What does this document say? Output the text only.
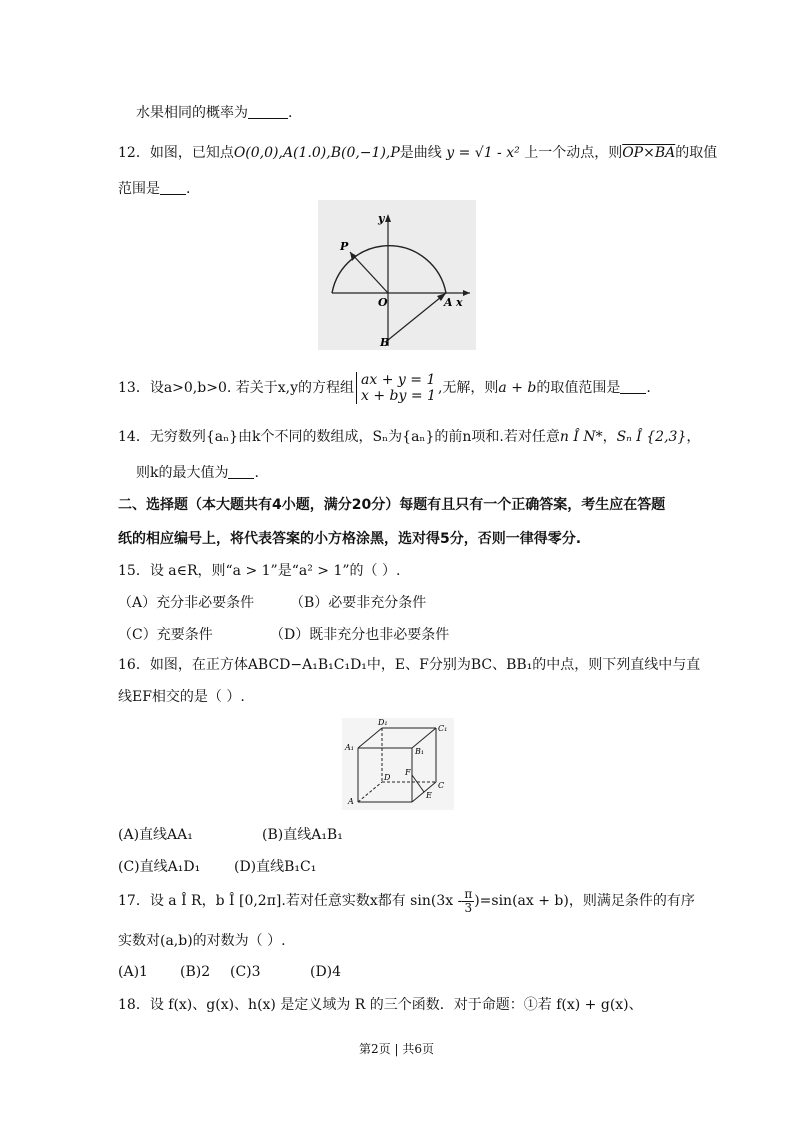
水果相同的概率为	.
12．如图，已知点O(0,0),A(1.0),B(0,−1),P是曲线 y = √1 - x² 上一个动点，则OP×BA的取值
范围是 .
y
x
P
O	A
B
13．设a>0,b>0. 若关于x,y的方程组 ax + y = 1
x + by = 1 ,无解，则a + b的取值范围是 .
14．无穷数列{aₙ}由k个不同的数组成，Sₙ为{aₙ}的前n项和.若对任意n Î N*，Sₙ Î {2,3}，
则k的最大值为 .
二、选择题（本大题共有4小题，满分20分）每题有且只有一个正确答案，考生应在答题
纸的相应编号上，将代表答案的小方格涂黑，选对得5分，否则一律得零分.
15．设 a∈R，则“a > 1”是“a² > 1”的（ ）.
（A）充分非必要条件	（B）必要非充分条件
（C）充要条件	（D）既非充分也非必要条件
16．如图，在正方体ABCD−A₁B₁C₁D₁中，E、F分别为BC、BB₁的中点，则下列直线中与直
线EF相交的是（ ）.
D₁
C₁
A₁	B₁
D
F
C
A
E
(A)直线AA₁	(B)直线A₁B₁
(C)直线A₁D₁ (D)直线B₁C₁
17．设 a Î R，b Î [0,2π].若对任意实数x都有 $\sin(3x - \frac{\pi}{3} )=\sin(ax + b)$，则满足条件的有序
实数对(a,b)的对数为（ ）.
(A)1 (B)2 (C)3	(D)4
18．设 f(x)、g(x)、h(x) 是定义域为 R 的三个函数．对于命题：①若 f(x) + g(x)、
第2页 | 共6页
